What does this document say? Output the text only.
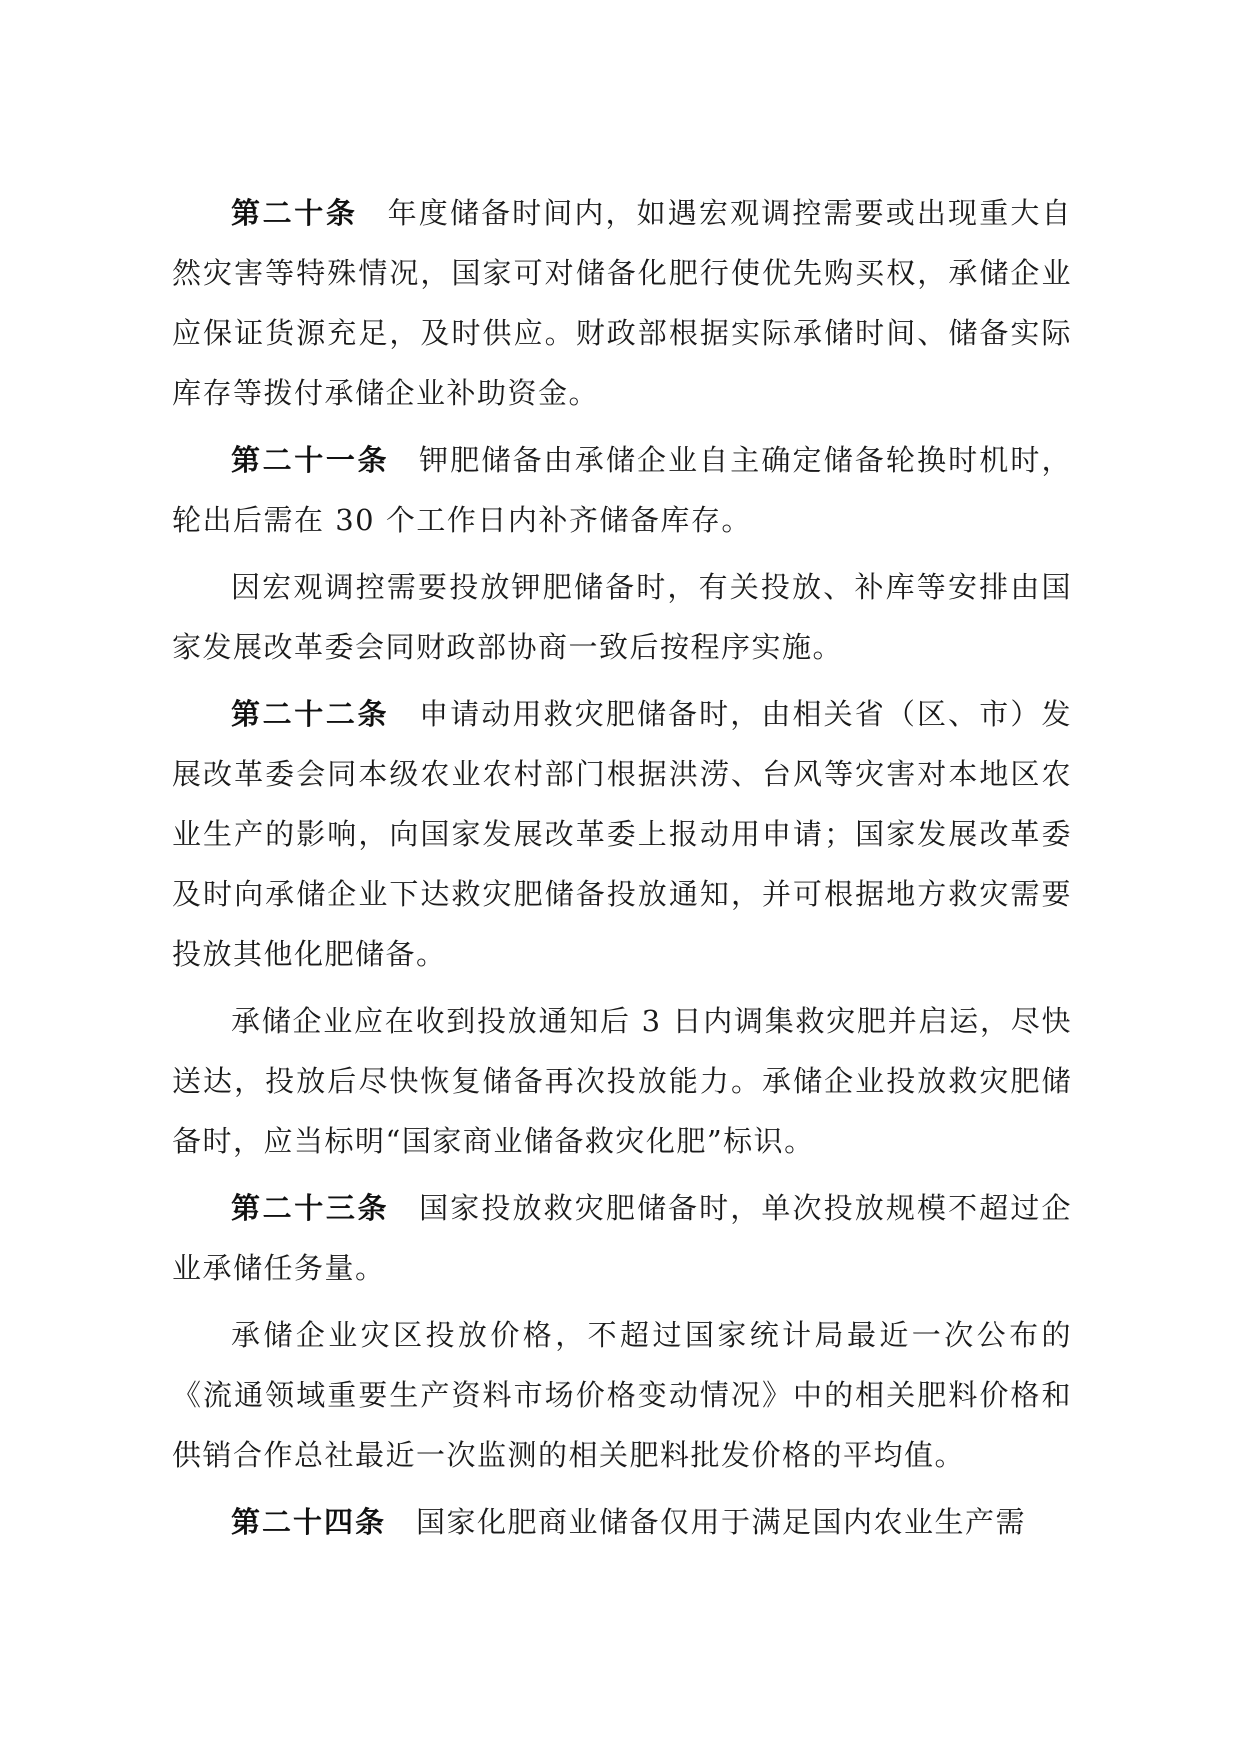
第二十条 年度储备时间内，如遇宏观调控需要或出现重大自然灾害等特殊情况，国家可对储备化肥行使优先购买权，承储企业应保证货源充足，及时供应。财政部根据实际承储时间、储备实际库存等拨付承储企业补助资金。

第二十一条 钾肥储备由承储企业自主确定储备轮换时机时，轮出后需在 30 个工作日内补齐储备库存。

因宏观调控需要投放钾肥储备时，有关投放、补库等安排由国家发展改革委会同财政部协商一致后按程序实施。

第二十二条 申请动用救灾肥储备时，由相关省（区、市）发展改革委会同本级农业农村部门根据洪涝、台风等灾害对本地区农业生产的影响，向国家发展改革委上报动用申请；国家发展改革委及时向承储企业下达救灾肥储备投放通知，并可根据地方救灾需要投放其他化肥储备。

承储企业应在收到投放通知后 3 日内调集救灾肥并启运，尽快送达，投放后尽快恢复储备再次投放能力。承储企业投放救灾肥储备时，应当标明“国家商业储备救灾化肥”标识。

第二十三条 国家投放救灾肥储备时，单次投放规模不超过企业承储任务量。

承储企业灾区投放价格，不超过国家统计局最近一次公布的《流通领域重要生产资料市场价格变动情况》中的相关肥料价格和供销合作总社最近一次监测的相关肥料批发价格的平均值。

第二十四条 国家化肥商业储备仅用于满足国内农业生产需
